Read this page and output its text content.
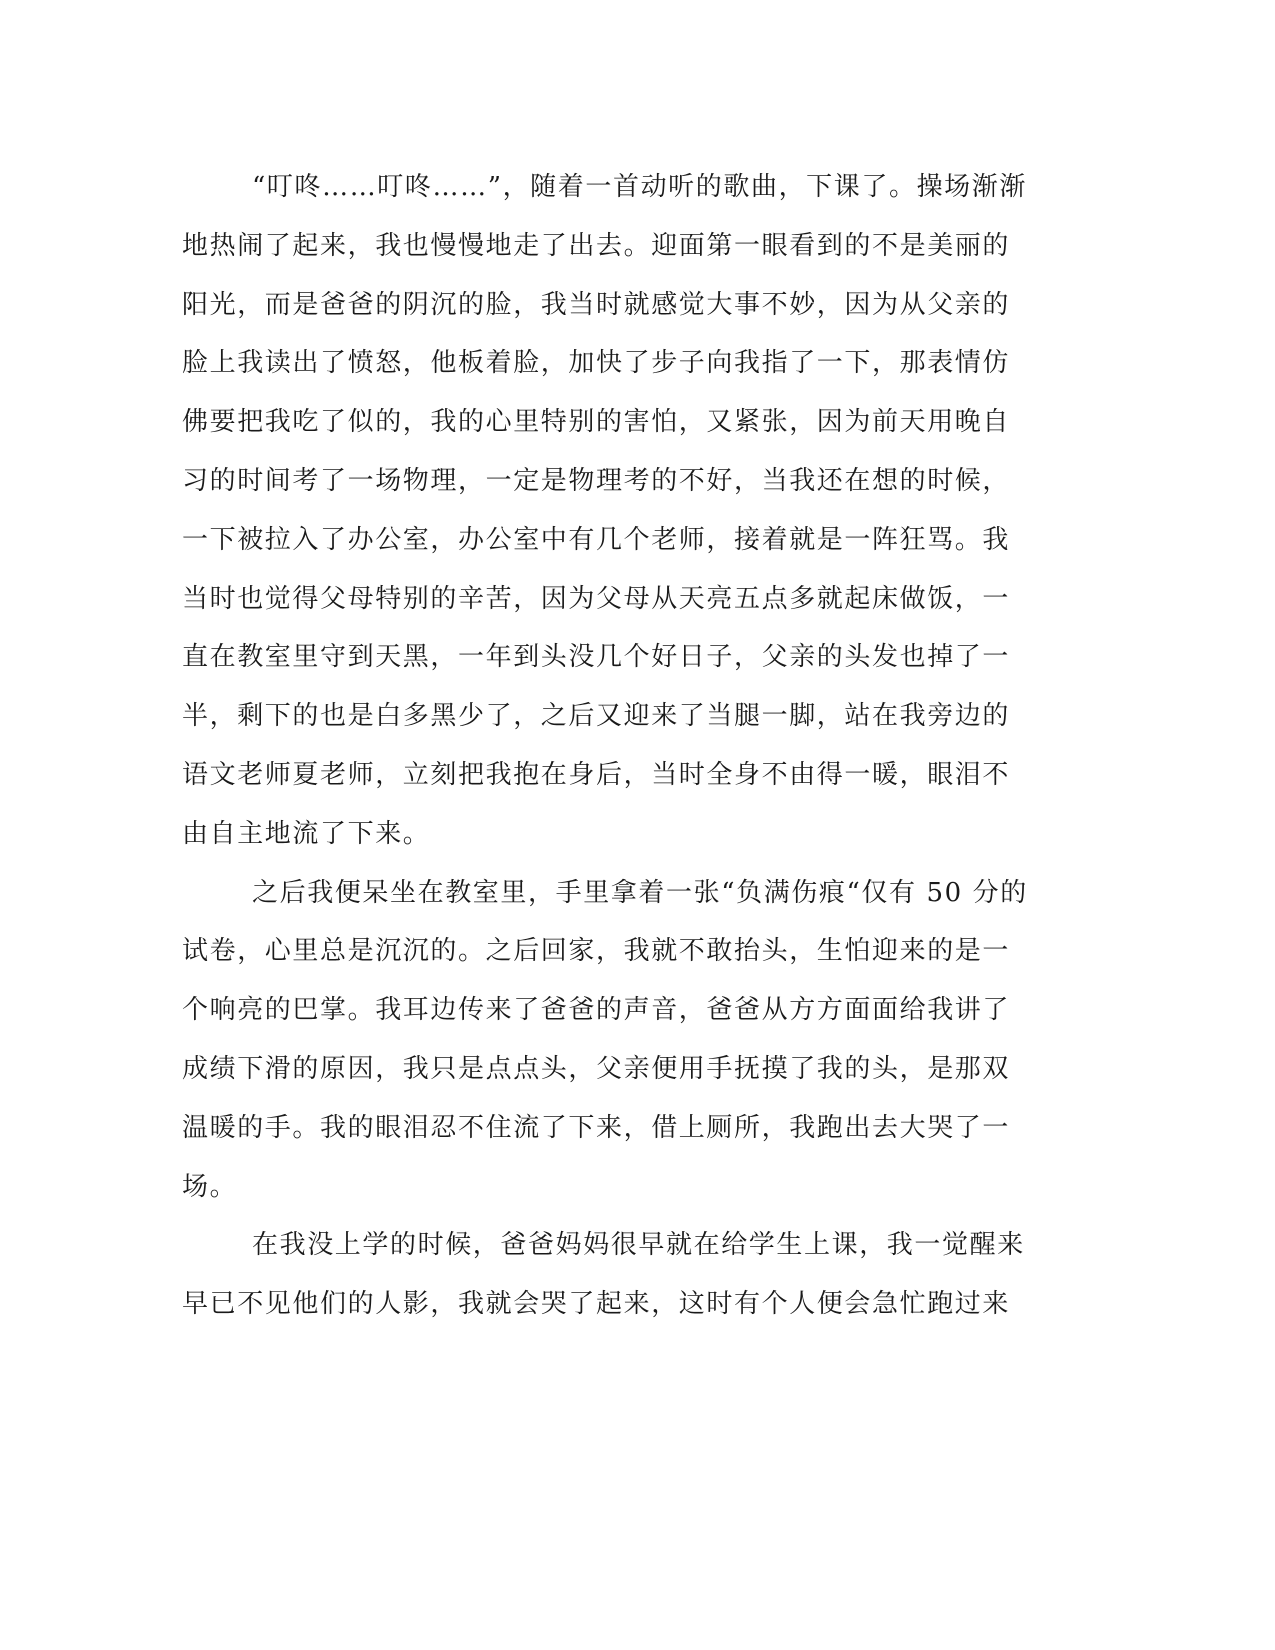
“叮咚……叮咚……”，随着一首动听的歌曲，下课了。操场渐渐
地热闹了起来，我也慢慢地走了出去。迎面第一眼看到的不是美丽的
阳光，而是爸爸的阴沉的脸，我当时就感觉大事不妙，因为从父亲的
脸上我读出了愤怒，他板着脸，加快了步子向我指了一下，那表情仿
佛要把我吃了似的，我的心里特别的害怕，又紧张，因为前天用晚自
习的时间考了一场物理，一定是物理考的不好，当我还在想的时候，
一下被拉入了办公室，办公室中有几个老师，接着就是一阵狂骂。我
当时也觉得父母特别的辛苦，因为父母从天亮五点多就起床做饭，一
直在教室里守到天黑，一年到头没几个好日子，父亲的头发也掉了一
半，剩下的也是白多黑少了，之后又迎来了当腿一脚，站在我旁边的
语文老师夏老师，立刻把我抱在身后，当时全身不由得一暖，眼泪不
由自主地流了下来。
之后我便呆坐在教室里，手里拿着一张“负满伤痕“仅有 50 分的
试卷，心里总是沉沉的。之后回家，我就不敢抬头，生怕迎来的是一
个响亮的巴掌。我耳边传来了爸爸的声音，爸爸从方方面面给我讲了
成绩下滑的原因，我只是点点头，父亲便用手抚摸了我的头，是那双
温暖的手。我的眼泪忍不住流了下来，借上厕所，我跑出去大哭了一
场。
在我没上学的时候，爸爸妈妈很早就在给学生上课，我一觉醒来
早已不见他们的人影，我就会哭了起来，这时有个人便会急忙跑过来
